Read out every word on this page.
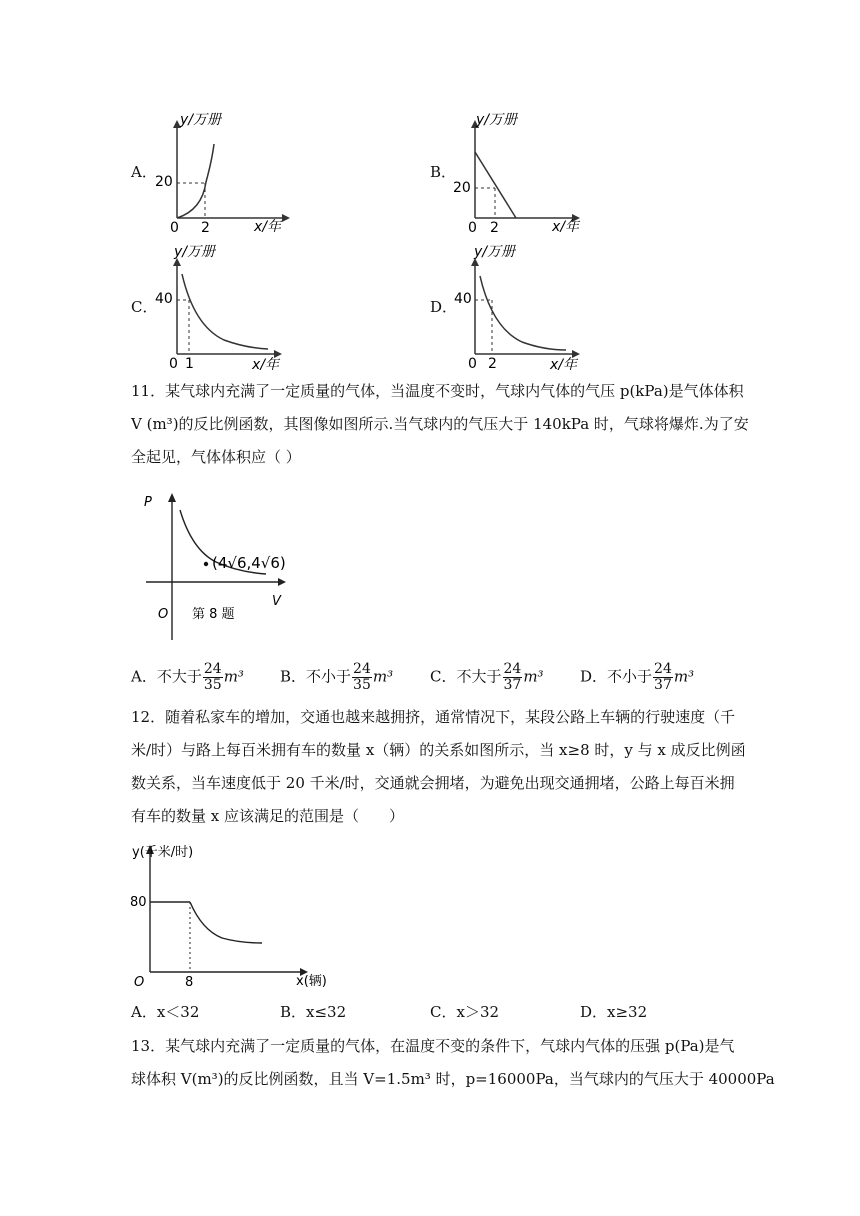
A．
y/万册
x/年
20
0 2
B．
y/万册
x/年
20
0 2
C．
y/万册
x/年
40
0 1
D．
y/万册
x/年
40
0 2
11．某气球内充满了一定质量的气体，当温度不变时，气球内气体的气压 p(kPa)是气体体积
V (m³)的反比例函数，其图像如图所示.当气球内的气压大于 140kPa 时，气球将爆炸.为了安
全起见，气体体积应（ ）
P
V
O
(4√6,4√6)
第 8 题
A．不大于 $\frac{24}{35} m^3$ B．不小于 $\frac{24}{35} m^3$ C．不大于 $\frac{24}{37} m^3$ D．不小于 $\frac{24}{37} m^3$
12．随着私家车的增加，交通也越来越拥挤，通常情况下，某段公路上车辆的行驶速度（千
米/时）与路上每百米拥有车的数量 x（辆）的关系如图所示，当 x≥8 时，y 与 x 成反比例函
数关系，当车速度低于 20 千米/时，交通就会拥堵，为避免出现交通拥堵，公路上每百米拥
有车的数量 x 应该满足的范围是（　　）
y(千米/时)
x(辆)
80
O	8
A．x＜32	B．x≤32	C．x＞32	D．x≥32
13．某气球内充满了一定质量的气体，在温度不变的条件下，气球内气体的压强 p(Pa)是气
球体积 V(m³)的反比例函数，且当 V=1.5m³ 时，p=16000Pa，当气球内的气压大于 40000Pa
